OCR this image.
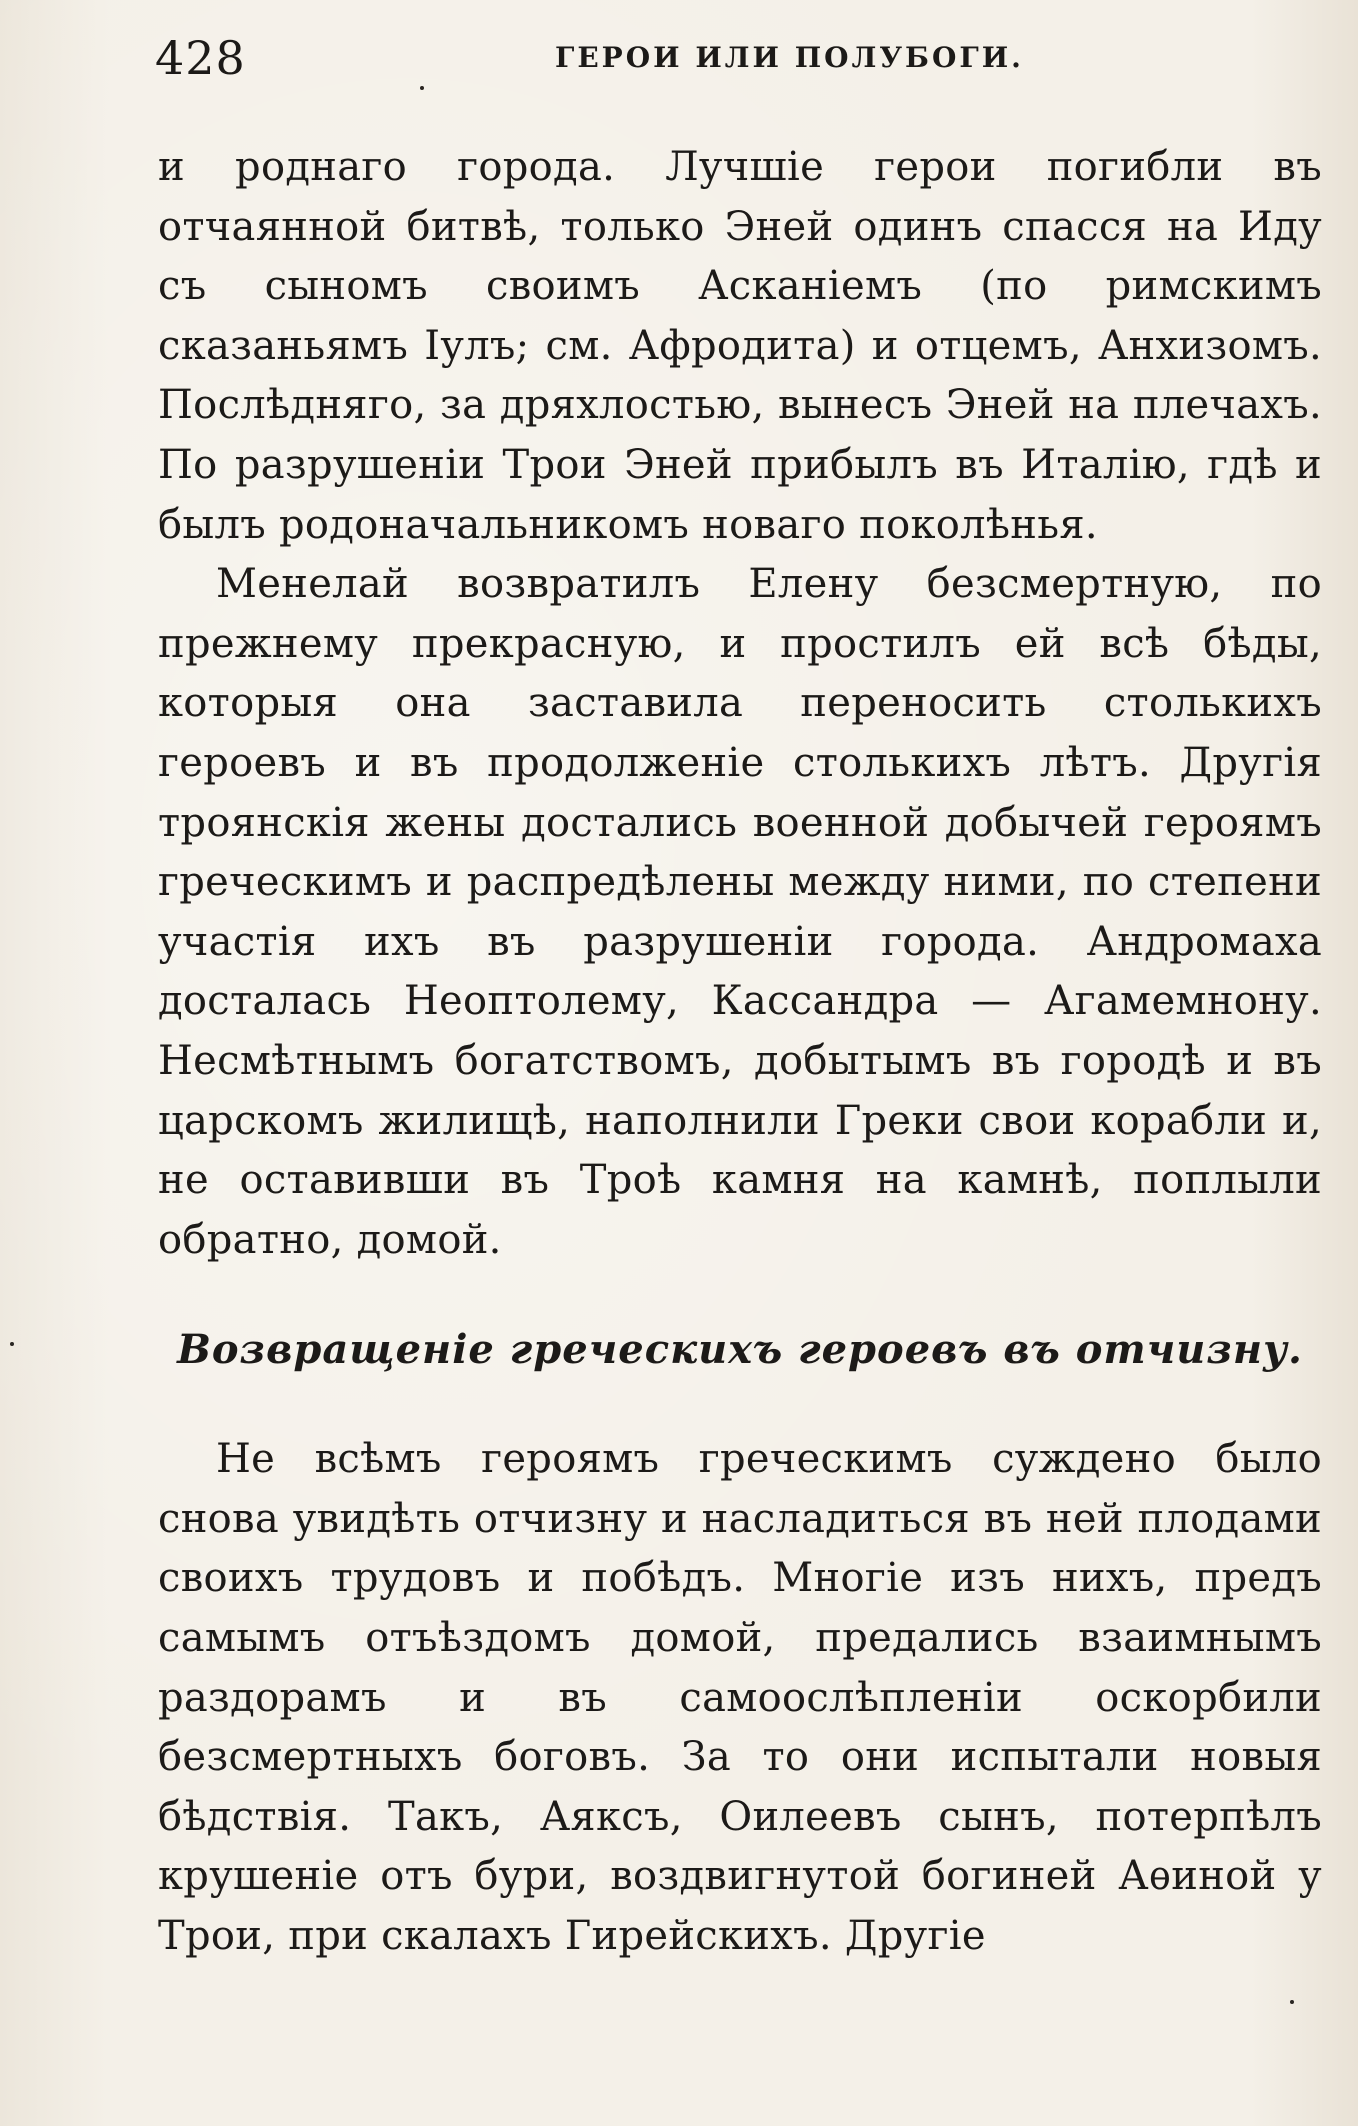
428	ГЕРОИ ИЛИ ПОЛУБОГИ.

и роднаго города. Лучшіе герои погибли въ отчаянной битвѣ, только Эней одинъ спасся на Иду съ сыномъ своимъ Асканіемъ (по римскимъ сказаньямъ Іулъ; см. Афродита) и отцемъ, Анхизомъ. Послѣдняго, за дряхлостью, вынесъ Эней на плечахъ. По разрушеніи Трои Эней прибылъ въ Италію, гдѣ и былъ родоначальникомъ новаго поколѣнья.

Менелай возвратилъ Елену безсмертную, по прежнему прекрасную, и простилъ ей всѣ бѣды, которыя она заставила переносить столькихъ героевъ и въ продолженіе столькихъ лѣтъ. Другія троянскія жены достались военной добычей героямъ греческимъ и распредѣлены между ними, по степени участія ихъ въ разрушеніи города. Андромаха досталась Неоптолему, Кассандра — Агамемнону. Несмѣтнымъ богатствомъ, добытымъ въ городѣ и въ царскомъ жилищѣ, наполнили Греки свои корабли и, не оставивши въ Троѣ камня на камнѣ, поплыли обратно, домой.

Возвращеніе греческихъ героевъ въ отчизну.

Не всѣмъ героямъ греческимъ суждено было снова увидѣть отчизну и насладиться въ ней плодами своихъ трудовъ и побѣдъ. Многіе изъ нихъ, предъ самымъ отъѣздомъ домой, предались взаимнымъ раздорамъ и въ самоослѣпленіи оскорбили безсмертныхъ боговъ. За то они испытали новыя бѣдствія. Такъ, Аяксъ, Оилеевъ сынъ, потерпѣлъ крушеніе отъ бури, воздвигнутой богиней Аѳиной у Трои, при скалахъ Гирейскихъ. Другіе
